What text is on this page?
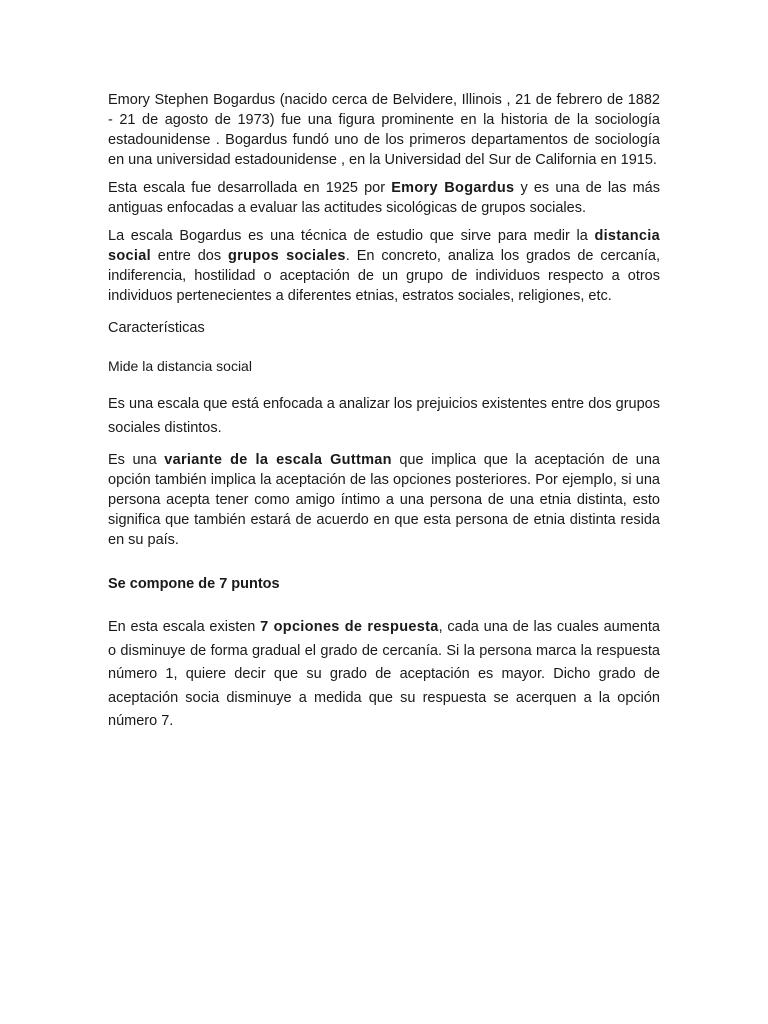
Emory Stephen Bogardus (nacido cerca de Belvidere, Illinois , 21 de febrero de 1882 - 21 de agosto de 1973) fue una figura prominente en la historia de la sociología estadounidense . Bogardus fundó uno de los primeros departamentos de sociología en una universidad estadounidense , en la Universidad del Sur de California en 1915.

Esta escala fue desarrollada en 1925 por Emory Bogardus y es una de las más antiguas enfocadas a evaluar las actitudes sicológicas de grupos sociales.

La escala Bogardus es una técnica de estudio que sirve para medir la distancia social entre dos grupos sociales. En concreto, analiza los grados de cercanía, indiferencia, hostilidad o aceptación de un grupo de individuos respecto a otros individuos pertenecientes a diferentes etnias, estratos sociales, religiones, etc.

Características

Mide la distancia social

Es una escala que está enfocada a analizar los prejuicios existentes entre dos grupos sociales distintos.

Es una variante de la escala Guttman que implica que la aceptación de una opción también implica la aceptación de las opciones posteriores. Por ejemplo, si una persona acepta tener como amigo íntimo a una persona de una etnia distinta, esto significa que también estará de acuerdo en que esta persona de etnia distinta resida en su país.

Se compone de 7 puntos

En esta escala existen 7 opciones de respuesta, cada una de las cuales aumenta o disminuye de forma gradual el grado de cercanía. Si la persona marca la respuesta número 1, quiere decir que su grado de aceptación es mayor. Dicho grado de aceptación socia disminuye a medida que su respuesta se acerquen a la opción número 7.
